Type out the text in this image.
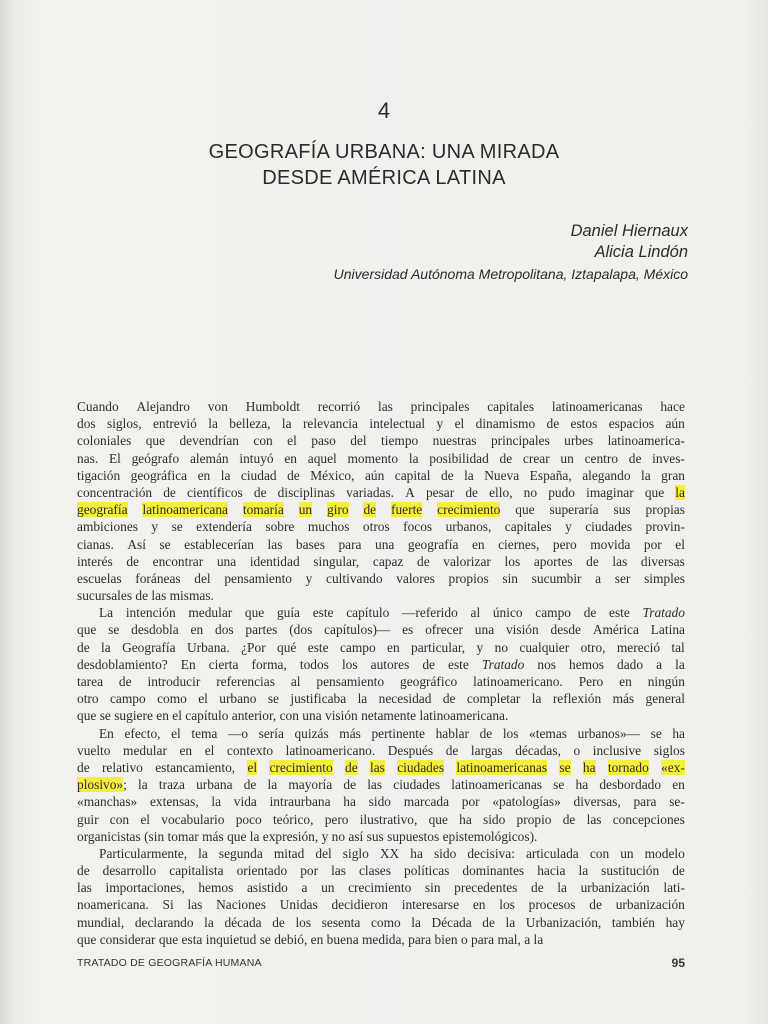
4
GEOGRAFÍA URBANA: UNA MIRADA
DESDE AMÉRICA LATINA
Daniel Hiernaux
Alicia Lindón
Universidad Autónoma Metropolitana, Iztapalapa, México
Cuando Alejandro von Humboldt recorrió las principales capitales latinoamericanas hace
dos siglos, entrevió la belleza, la relevancia intelectual y el dinamismo de estos espacios aún
coloniales que devendrían con el paso del tiempo nuestras principales urbes latinoamerica-
nas. El geógrafo alemán intuyó en aquel momento la posibilidad de crear un centro de inves-
tigación geográfica en la ciudad de México, aún capital de la Nueva España, alegando la gran
concentración de científicos de disciplinas variadas. A pesar de ello, no pudo imaginar que la
geografía latinoamericana tomaría un giro de fuerte crecimiento que superaría sus propias
ambiciones y se extendería sobre muchos otros focos urbanos, capitales y ciudades provin-
cianas. Así se establecerían las bases para una geografía en ciernes, pero movida por el
interés de encontrar una identidad singular, capaz de valorizar los aportes de las diversas
escuelas foráneas del pensamiento y cultivando valores propios sin sucumbir a ser simples
sucursales
de
las
mismas.
La intención medular que guía este capítulo —referido al único campo de este Tratado
que se desdobla en dos partes (dos capítulos)— es ofrecer una visión desde América Latina
de la Geografía Urbana. ¿Por qué este campo en particular, y no cualquier otro, mereció tal
desdoblamiento? En cierta forma, todos los autores de este Tratado nos hemos dado a la
tarea de introducir referencias al pensamiento geográfico latinoamericano. Pero en ningún
otro campo como el urbano se justificaba la necesidad de completar la reflexión más general
que
se
sugiere
en
el
capítulo
anterior,
con
una
visión
netamente
latinoamericana.
En efecto, el tema —o sería quizás más pertinente hablar de los «temas urbanos»— se ha
vuelto medular en el contexto latinoamericano. Después de largas décadas, o inclusive siglos
de relativo estancamiento, el crecimiento de las ciudades latinoamericanas se ha tornado «ex-
plosivo»; la traza urbana de la mayoría de las ciudades latinoamericanas se ha desbordado en
«manchas» extensas, la vida intraurbana ha sido marcada por «patologías» diversas, para se-
guir con el vocabulario poco teórico, pero ilustrativo, que ha sido propio de las concepciones
organicistas
(sin
tomar
más
que
la
expresión,
y
no
así
sus
supuestos
epistemológicos).
Particularmente, la segunda mitad del siglo XX ha sido decisiva: articulada con un modelo
de desarrollo capitalista orientado por las clases políticas dominantes hacia la sustitución de
las importaciones, hemos asistido a un crecimiento sin precedentes de la urbanización lati-
noamericana. Si las Naciones Unidas decidieron interesarse en los procesos de urbanización
mundial, declarando la década de los sesenta como la Década de la Urbanización, también hay
que
considerar
que
esta
inquietud
se
debió,
en
buena
medida,
para
bien
o
para
mal,
a
la
TRATADO DE GEOGRAFÍA HUMANA	95
